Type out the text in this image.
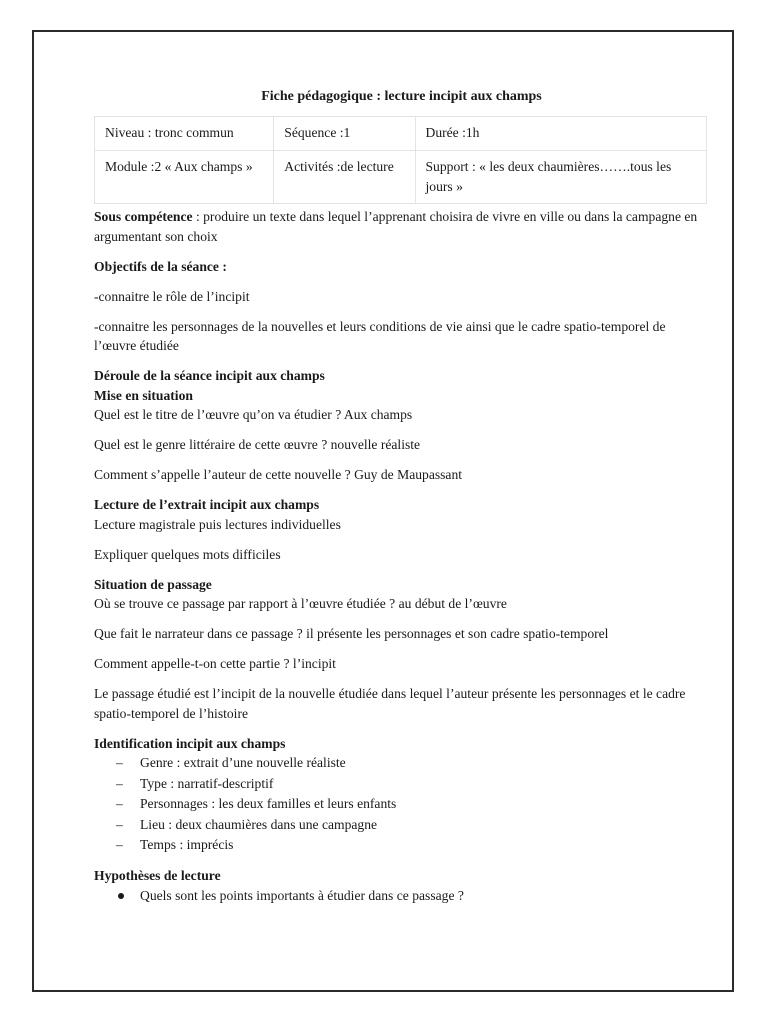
Fiche pédagogique : lecture incipit aux champs
Niveau : tronc commun	Séquence :1	Durée :1h
Module :2 « Aux champs »	Activités :de lecture	Support : « les deux chaumières…….tous les jours »

Sous compétence : produire un texte dans lequel l’apprenant choisira de vivre en ville ou dans la campagne en argumentant son choix

Objectifs de la séance :

-connaitre le rôle de l’incipit

-connaitre les personnages de la nouvelles et leurs conditions de vie ainsi que le cadre spatio-temporel de l’œuvre étudiée

Déroule de la séance incipit aux champs

Mise en situation

Quel est le titre de l’œuvre qu’on va étudier ? Aux champs

Quel est le genre littéraire de cette œuvre ? nouvelle réaliste

Comment s’appelle l’auteur de cette nouvelle ? Guy de Maupassant

Lecture de l’extrait incipit aux champs

Lecture magistrale puis lectures individuelles

Expliquer quelques mots difficiles

Situation de passage

Où se trouve ce passage par rapport à l’œuvre étudiée ? au début de l’œuvre

Que fait le narrateur dans ce passage ? il présente les personnages et son cadre spatio-temporel

Comment appelle-t-on cette partie ? l’incipit

Le passage étudié est l’incipit de la nouvelle étudiée dans lequel l’auteur présente les personnages et le cadre spatio-temporel de l’histoire

Identification incipit aux champs

– Genre : extrait d’une nouvelle réaliste
– Type : narratif-descriptif
– Personnages : les deux familles et leurs enfants
– Lieu : deux chaumières dans une campagne
– Temps : imprécis

Hypothèses de lecture

Quels sont les points importants à étudier dans ce passage ?
